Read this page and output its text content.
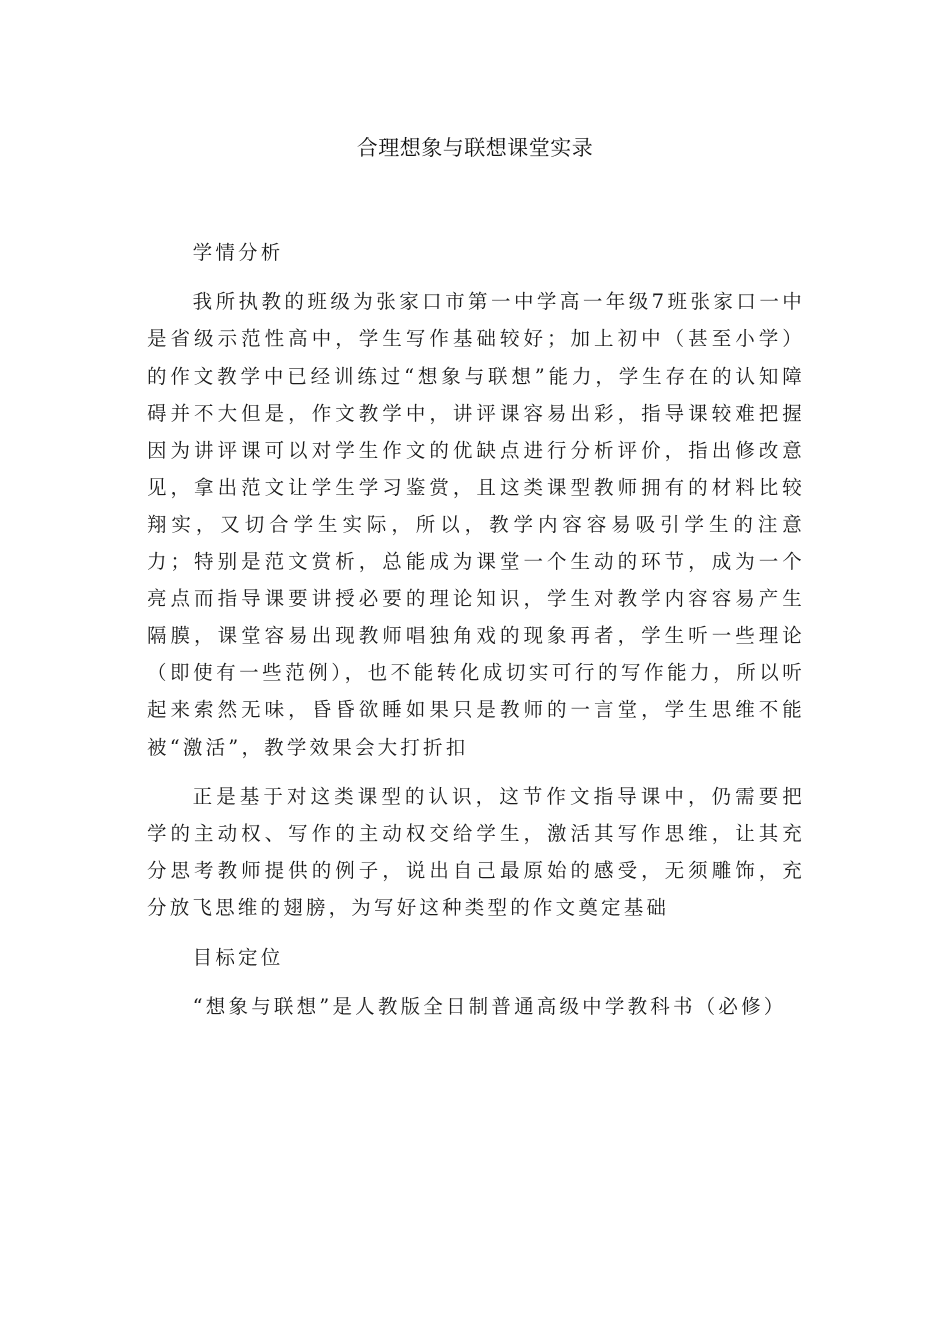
合理想象与联想课堂实录

学情分析

我所执教的班级为张家口市第一中学高一年级7班张家口一中是省级示范性高中，学生写作基础较好；加上初中（甚至小学）的作文教学中已经训练过“想象与联想”能力，学生存在的认知障碍并不大但是，作文教学中，讲评课容易出彩，指导课较难把握因为讲评课可以对学生作文的优缺点进行分析评价，指出修改意见，拿出范文让学生学习鉴赏，且这类课型教师拥有的材料比较翔实，又切合学生实际，所以，教学内容容易吸引学生的注意力；特别是范文赏析，总能成为课堂一个生动的环节，成为一个亮点而指导课要讲授必要的理论知识，学生对教学内容容易产生隔膜，课堂容易出现教师唱独角戏的现象再者，学生听一些理论（即使有一些范例），也不能转化成切实可行的写作能力，所以听起来索然无味，昏昏欲睡如果只是教师的一言堂，学生思维不能被“激活”，教学效果会大打折扣

正是基于对这类课型的认识，这节作文指导课中，仍需要把学的主动权、写作的主动权交给学生，激活其写作思维，让其充分思考教师提供的例子，说出自己最原始的感受，无须雕饰，充分放飞思维的翅膀，为写好这种类型的作文奠定基础

目标定位

“想象与联想”是人教版全日制普通高级中学教科书（必修）
